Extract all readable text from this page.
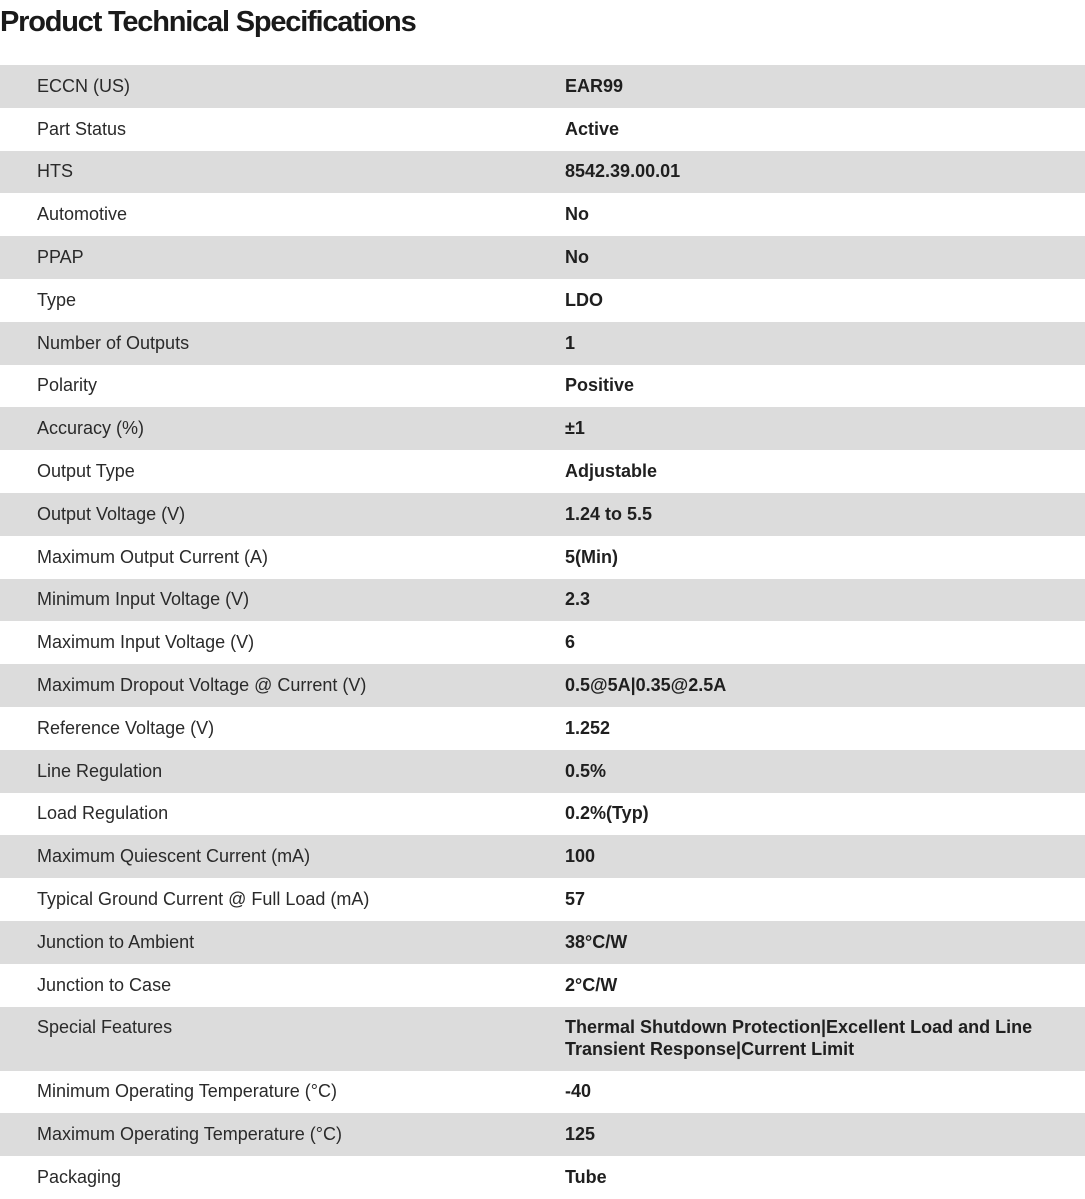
Product Technical Specifications
ECCN (US)	EAR99
Part Status	Active
HTS	8542.39.00.01
Automotive	No
PPAP	No
Type	LDO
Number of Outputs	1
Polarity	Positive
Accuracy (%)	±1
Output Type	Adjustable
Output Voltage (V)	1.24 to 5.5
Maximum Output Current (A)	5(Min)
Minimum Input Voltage (V)	2.3
Maximum Input Voltage (V)	6
Maximum Dropout Voltage @ Current (V)	0.5@5A|0.35@2.5A
Reference Voltage (V)	1.252
Line Regulation	0.5%
Load Regulation	0.2%(Typ)
Maximum Quiescent Current (mA)	100
Typical Ground Current @ Full Load (mA)	57
Junction to Ambient	38°C/W
Junction to Case	2°C/W
Special Features	Thermal Shutdown Protection|Excellent Load and Line Transient Response|Current Limit
Minimum Operating Temperature (°C)	-40
Maximum Operating Temperature (°C)	125
Packaging	Tube
